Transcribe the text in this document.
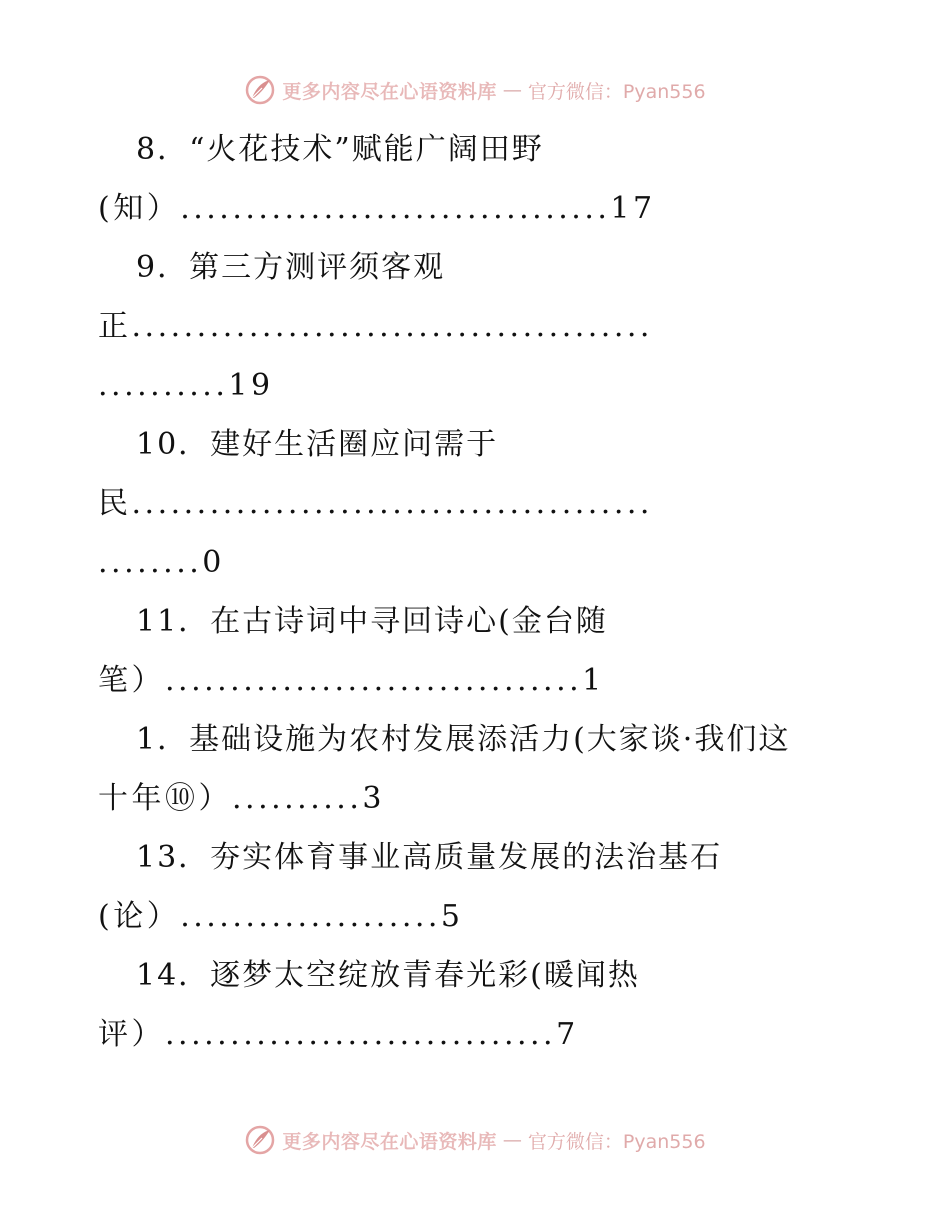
更多内容尽在心语资料库 — 官方微信：Pyan556
8．“火花技术”赋能广阔田野
(知）.................................17
9．第三方测评须客观
正........................................
..........19
10．建好生活圈应问需于
民........................................
........0
11．在古诗词中寻回诗心(金台随
笔）................................1
1．基础设施为农村发展添活力(大家谈·我们这
十年⑩）..........3
13．夯实体育事业高质量发展的法治基石
(论）....................5
14．逐梦太空绽放青春光彩(暖闻热
评）..............................7
更多内容尽在心语资料库 — 官方微信：Pyan556
